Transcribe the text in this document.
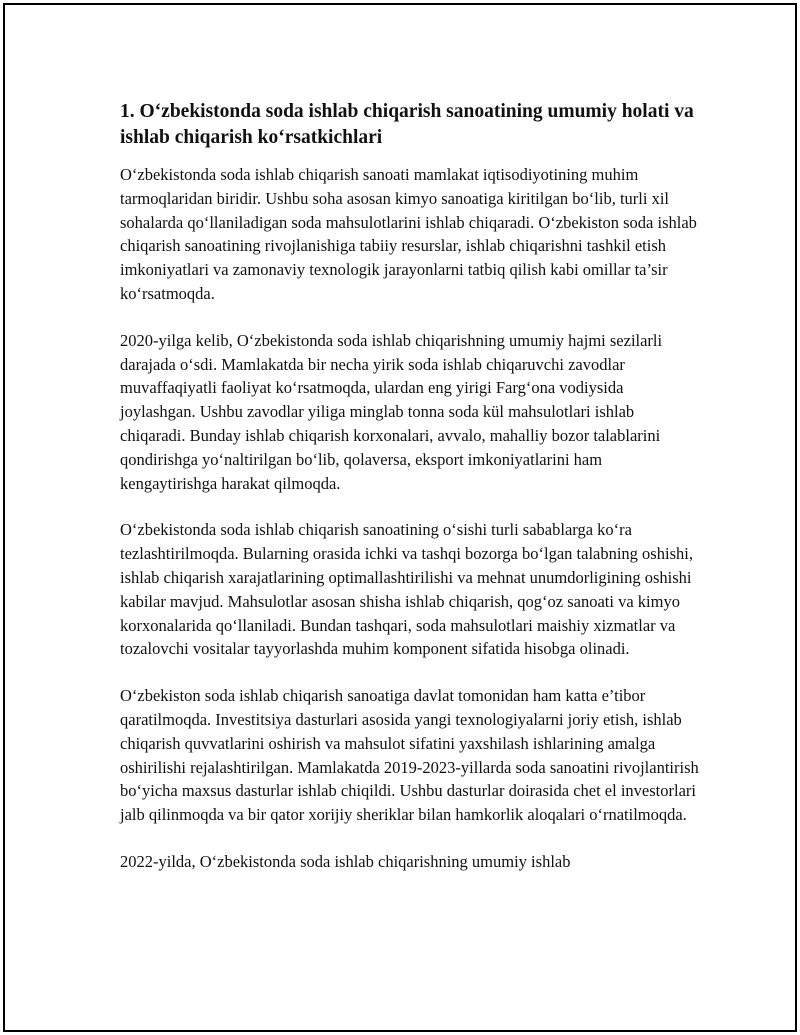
1. O‘zbekistonda soda ishlab chiqarish sanoatining umumiy holati va ishlab chiqarish ko‘rsatkichlari

O‘zbekistonda soda ishlab chiqarish sanoati mamlakat iqtisodiyotining muhim tarmoqlaridan biridir. Ushbu soha asosan kimyo sanoatiga kiritilgan bo‘lib, turli xil sohalarda qo‘llaniladigan soda mahsulotlarini ishlab chiqaradi. O‘zbekiston soda ishlab chiqarish sanoatining rivojlanishiga tabiiy resurslar, ishlab chiqarishni tashkil etish imkoniyatlari va zamonaviy texnologik jarayonlarni tatbiq qilish kabi omillar ta’sir ko‘rsatmoqda.

2020-yilga kelib, O‘zbekistonda soda ishlab chiqarishning umumiy hajmi sezilarli darajada o‘sdi. Mamlakatda bir necha yirik soda ishlab chiqaruvchi zavodlar muvaffaqiyatli faoliyat ko‘rsatmoqda, ulardan eng yirigi Farg‘ona vodiysida joylashgan. Ushbu zavodlar yiliga minglab tonna soda kül mahsulotlari ishlab chiqaradi. Bunday ishlab chiqarish korxonalari, avvalo, mahalliy bozor talablarini qondirishga yo‘naltirilgan bo‘lib, qolaversa, eksport imkoniyatlarini ham kengaytirishga harakat qilmoqda.

O‘zbekistonda soda ishlab chiqarish sanoatining o‘sishi turli sabablarga ko‘ra tezlashtirilmoqda. Bularning orasida ichki va tashqi bozorga bo‘lgan talabning oshishi, ishlab chiqarish xarajatlarining optimallashtirilishi va mehnat unumdorligining oshishi kabilar mavjud. Mahsulotlar asosan shisha ishlab chiqarish, qog‘oz sanoati va kimyo korxonalarida qo‘llaniladi. Bundan tashqari, soda mahsulotlari maishiy xizmatlar va tozalovchi vositalar tayyorlashda muhim komponent sifatida hisobga olinadi.

O‘zbekiston soda ishlab chiqarish sanoatiga davlat tomonidan ham katta e’tibor qaratilmoqda. Investitsiya dasturlari asosida yangi texnologiyalarni joriy etish, ishlab chiqarish quvvatlarini oshirish va mahsulot sifatini yaxshilash ishlarining amalga oshirilishi rejalashtirilgan. Mamlakatda 2019-2023-yillarda soda sanoatini rivojlantirish bo‘yicha maxsus dasturlar ishlab chiqildi. Ushbu dasturlar doirasida chet el investorlari jalb qilinmoqda va bir qator xorijiy sheriklar bilan hamkorlik aloqalari o‘rnatilmoqda.

2022-yilda, O‘zbekistonda soda ishlab chiqarishning umumiy ishlab
